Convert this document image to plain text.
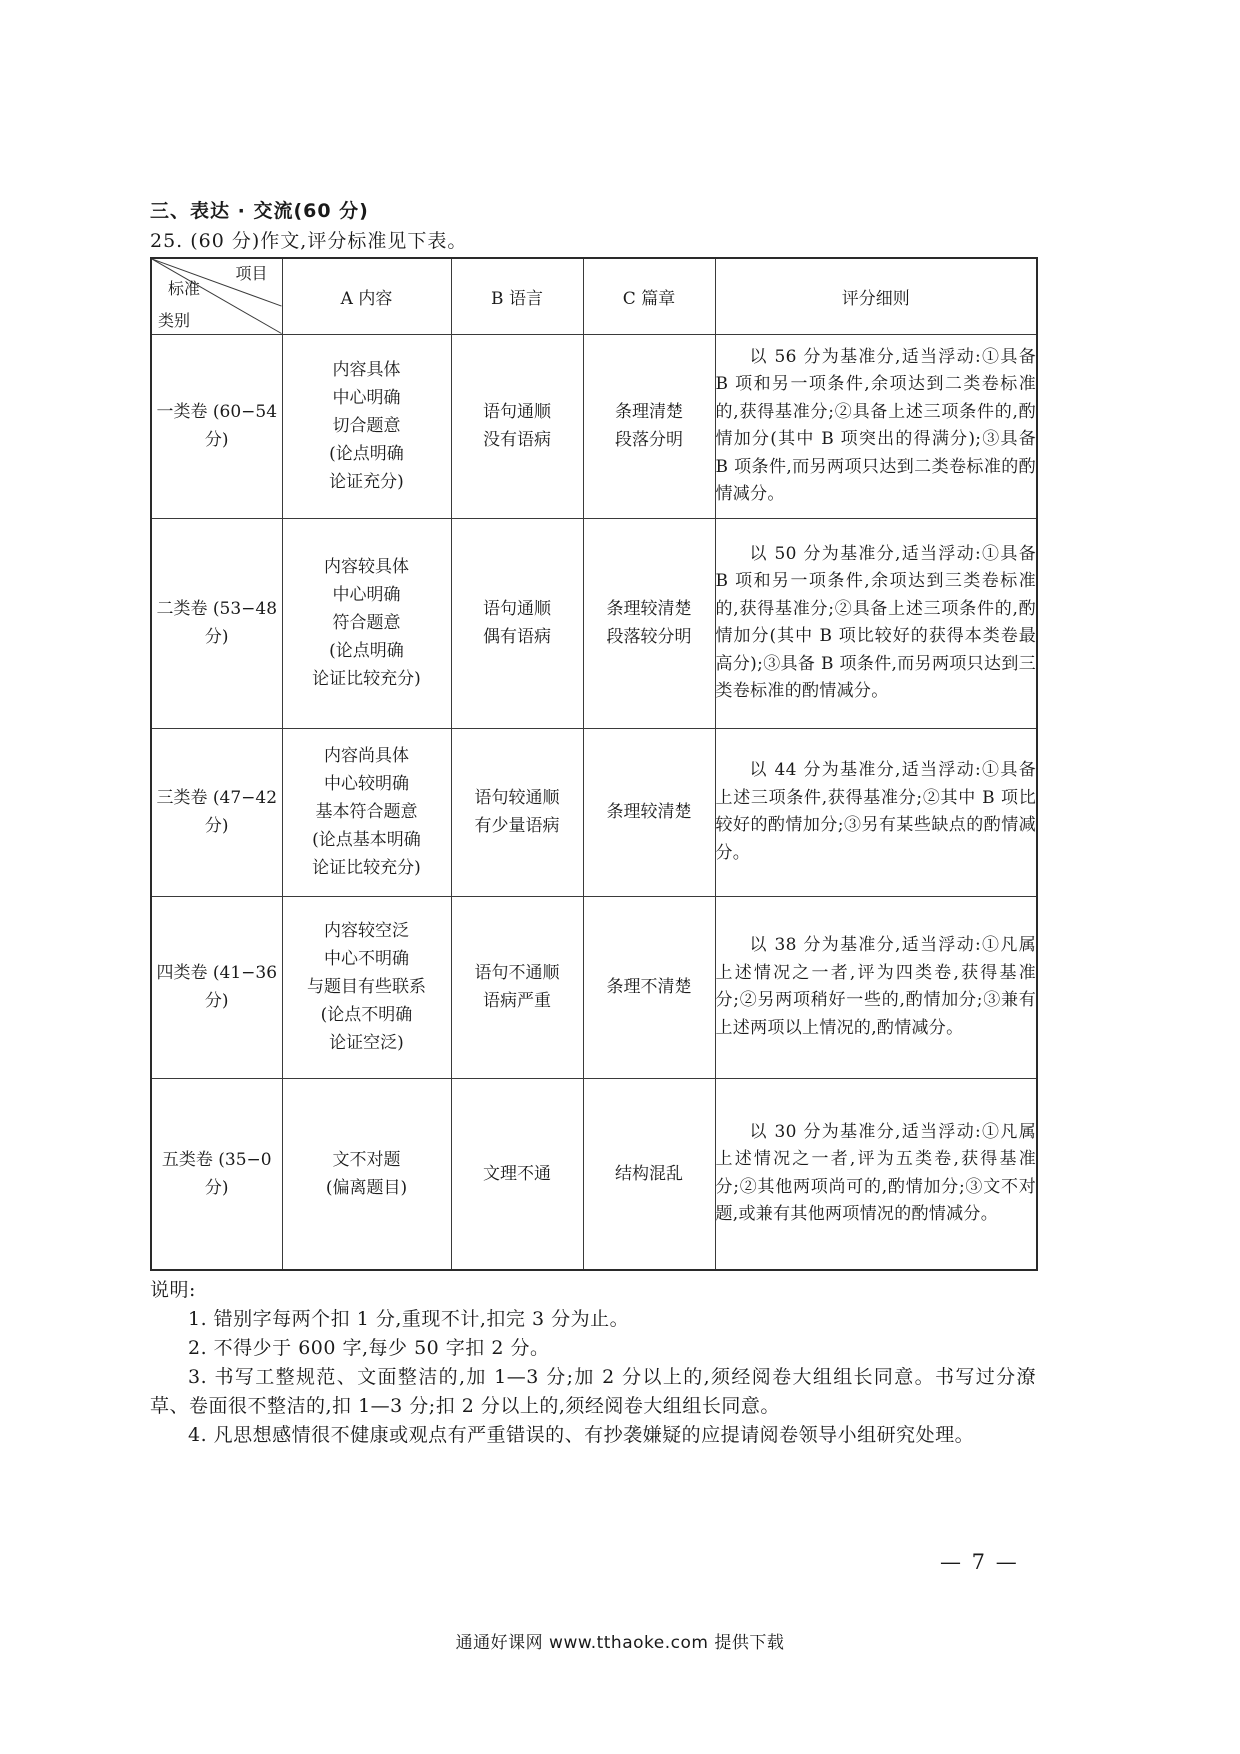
三、表达 · 交流(60 分)
25. (60 分)作文,评分标准见下表。
项目
标准
类别	A 内容	B 语言	C 篇章	评分细则
一类卷 (60−54 分)	内容具体
中心明确
切合题意
(论点明确
论证充分)	语句通顺
没有语病	条理清楚
段落分明	以 56 分为基准分,适当浮动:①具备 B 项和另一项条件,余项达到二类卷标准的,获得基准分;②具备上述三项条件的,酌情加分(其中 B 项突出的得满分);③具备 B 项条件,而另两项只达到二类卷标准的酌情减分。
二类卷 (53−48 分)	内容较具体
中心明确
符合题意
(论点明确
论证比较充分)	语句通顺
偶有语病	条理较清楚
段落较分明	以 50 分为基准分,适当浮动:①具备 B 项和另一项条件,余项达到三类卷标准的,获得基准分;②具备上述三项条件的,酌情加分(其中 B 项比较好的获得本类卷最高分);③具备 B 项条件,而另两项只达到三类卷标准的酌情减分。
三类卷 (47−42 分)	内容尚具体
中心较明确
基本符合题意
(论点基本明确
论证比较充分)	语句较通顺
有少量语病	条理较清楚	以 44 分为基准分,适当浮动:①具备上述三项条件,获得基准分;②其中 B 项比较好的酌情加分;③另有某些缺点的酌情减分。
四类卷 (41−36 分)	内容较空泛
中心不明确
与题目有些联系
(论点不明确
论证空泛)	语句不通顺
语病严重	条理不清楚	以 38 分为基准分,适当浮动:①凡属上述情况之一者,评为四类卷,获得基准分;②另两项稍好一些的,酌情加分;③兼有上述两项以上情况的,酌情减分。
五类卷 (35−0 分)	文不对题
(偏离题目)	文理不通	结构混乱	以 30 分为基准分,适当浮动:①凡属上述情况之一者,评为五类卷,获得基准分;②其他两项尚可的,酌情加分;③文不对题,或兼有其他两项情况的酌情减分。
说明:
1. 错别字每两个扣 1 分,重现不计,扣完 3 分为止。
2. 不得少于 600 字,每少 50 字扣 2 分。
3. 书写工整规范、文面整洁的,加 1—3 分;加 2 分以上的,须经阅卷大组组长同意。书写过分潦草、卷面很不整洁的,扣 1—3 分;扣 2 分以上的,须经阅卷大组组长同意。
4. 凡思想感情很不健康或观点有严重错误的、有抄袭嫌疑的应提请阅卷领导小组研究处理。
— 7 —
通通好课网 www.tthaoke.com 提供下载
